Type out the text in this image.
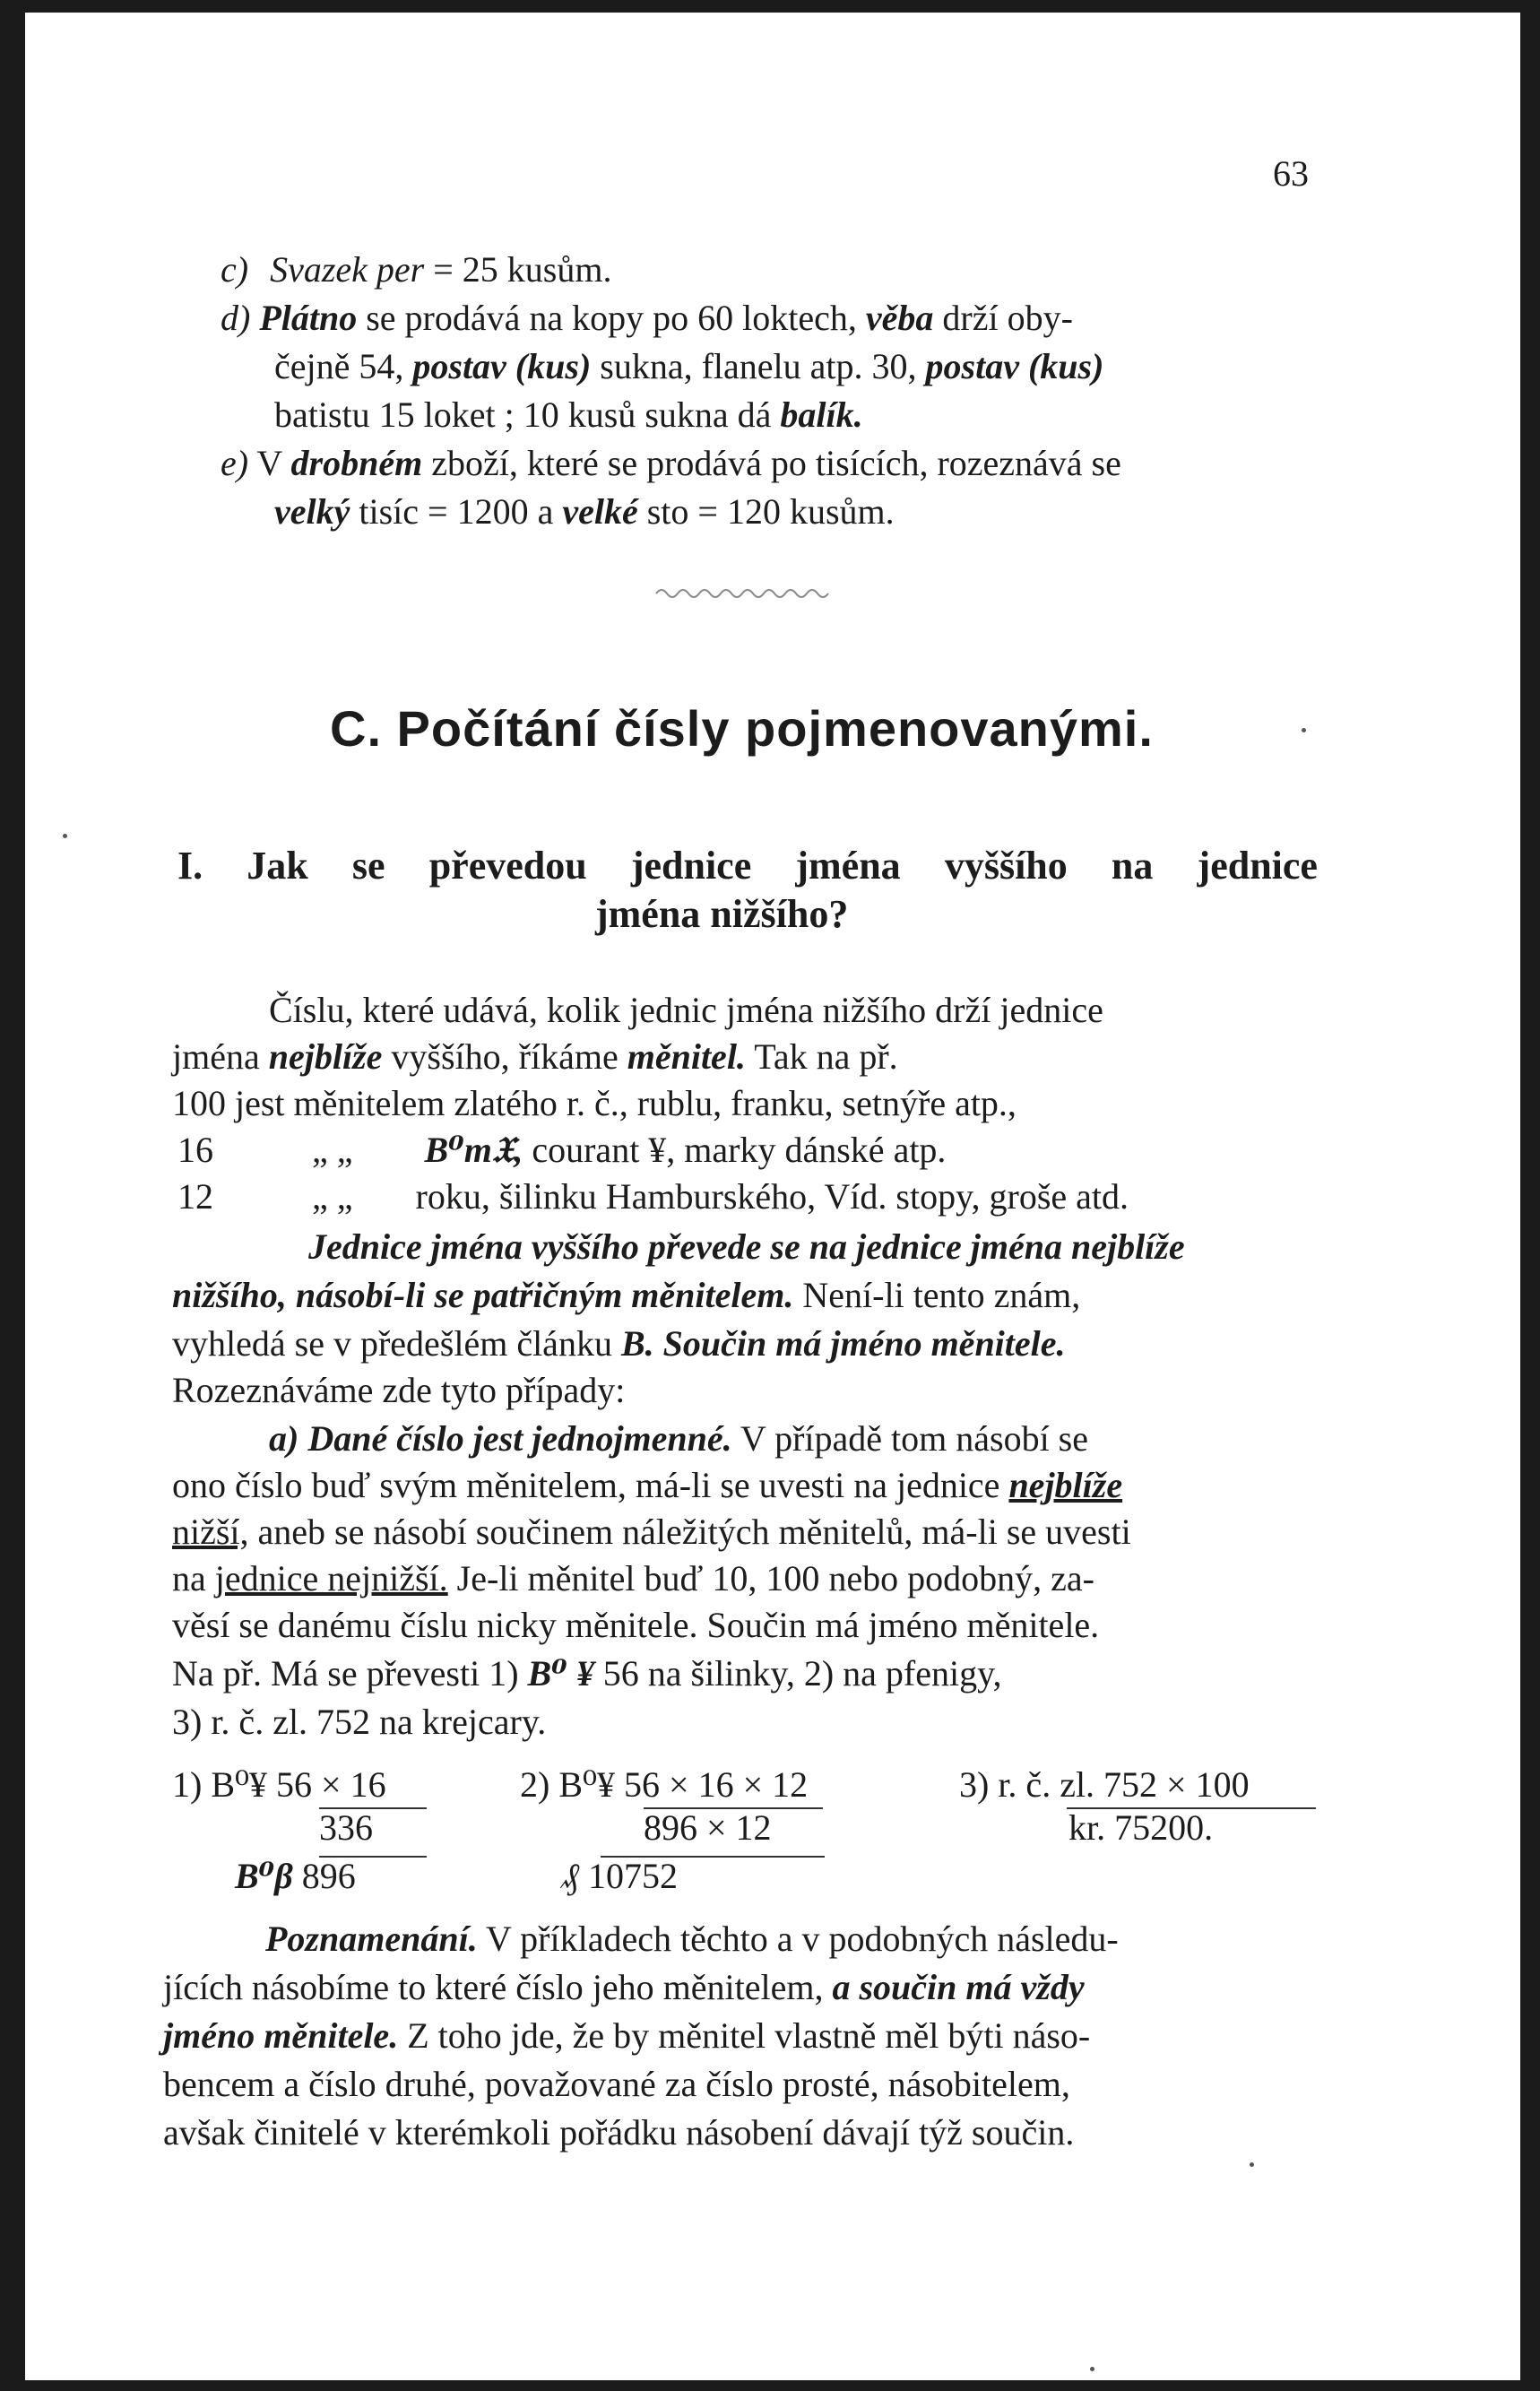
63
c) Svazek per = 25 kusům.
d) Plátno se prodává na kopy po 60 loktech, věba drží oby-
čejně 54, postav (kus) sukna, flanelu atp. 30, postav (kus)
batistu 15 loket ; 10 kusů sukna dá balík.
e) V drobném zboží, které se prodává po tisících, rozeznává se
velký tisíc = 1200 a velké sto = 120 kusům.
C. Počítání čísly pojmenovanými.
I. Jak se převedou jednice jména vyššího na jednice
jména nižšího?
Číslu, které udává, kolik jednic jména nižšího drží jednice
jména nejblíže vyššího, říkáme měnitel. Tak na př.
100 jest měnitelem zlatého r. č., rublu, franku, setnýře atp.,
16	„ „ B⁰m𝔛, courant ¥, marky dánské atp.
12	„ „ roku, šilinku Hamburského, Víd. stopy, groše atd.
Jednice jména vyššího převede se na jednice jména nejblíže
nižšího, násobí-li se patřičným měnitelem. Není-li tento znám,
vyhledá se v předešlém článku B. Součin má jméno měnitele.
Rozeznáváme zde tyto případy:
a) Dané číslo jest jednojmenné. V případě tom násobí se
ono číslo buď svým měnitelem, má-li se uvesti na jednice nejblíže
nižší, aneb se násobí součinem náležitých měnitelů, má-li se uvesti
na jednice nejnižší. Je-li měnitel buď 10, 100 nebo podobný, za-
věsí se danému číslu nicky měnitele. Součin má jméno měnitele.
Na př. Má se převesti 1) B⁰ ¥ 56 na šilinky, 2) na pfenigy,
3) r. č. zl. 752 na krejcary.
1) B⁰¥ 56 × 16
336
B⁰β 896
2) B⁰¥ 56 × 16 × 12
896 × 12
₰ 10752
3) r. č. zl. 752 × 100
kr. 75200.
Poznamenání. V příkladech těchto a v podobných následu-
jících násobíme to které číslo jeho měnitelem, a součin má vždy
jméno měnitele. Z toho jde, že by měnitel vlastně měl býti náso-
bencem a číslo druhé, považované za číslo prosté, násobitelem,
avšak činitelé v kterémkoli pořádku násobení dávají týž součin.
